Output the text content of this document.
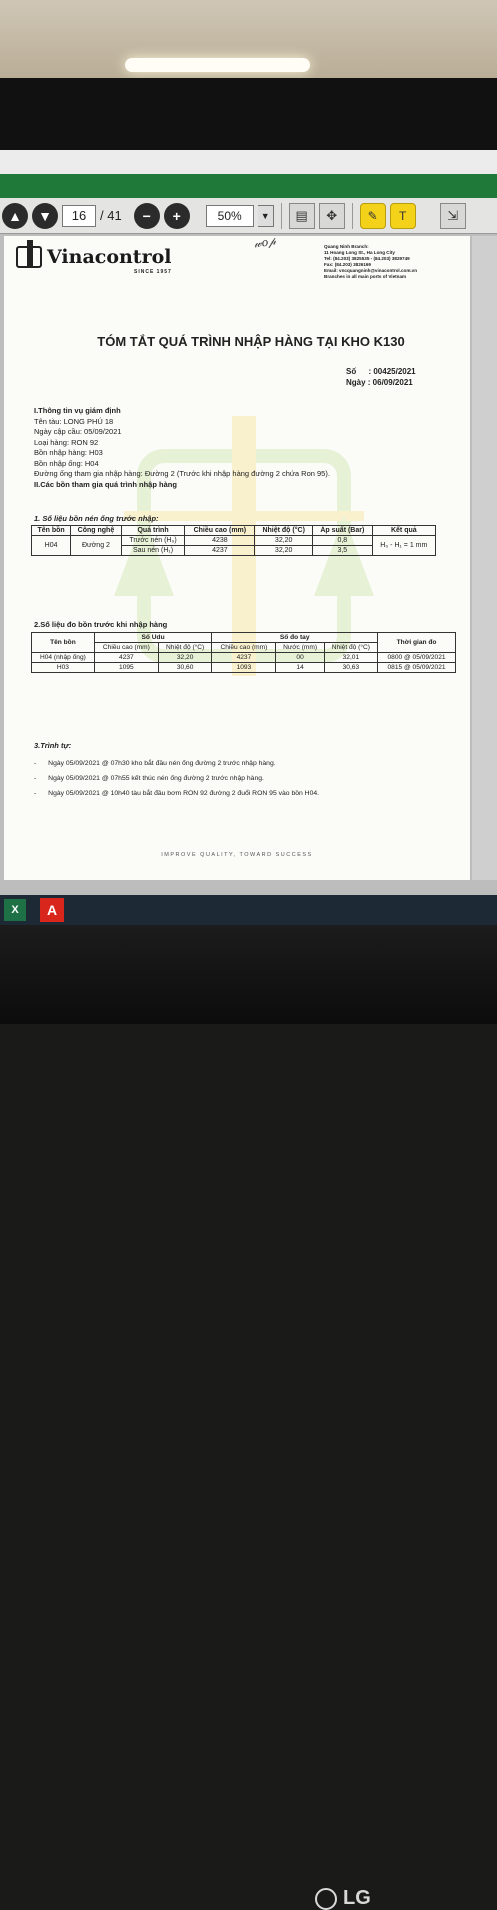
▲	▼	16	/ 41	−	+	50%	▼	▤	✥	✎	T	⇲
Vinacontrol
SINCE 1957
𝓌𝑜𝓅	Quang Ninh Branch:
11 Hoang Long St., Ha Long City
Tel: (84.203) 3825535 - (84.203) 3829749
Fax: (84.203) 3826169
Email: vncquangninh@vinacontrol.com.vn
Branches in all main ports of Vietnam
TÓM TẮT QUÁ TRÌNH NHẬP HÀNG TẠI KHO K130
Số : 00425/2021
Ngày : 06/09/2021
I.Thông tin vụ giám định
Tên tàu: LONG PHÚ 18
Ngày cập cầu: 05/09/2021
Loại hàng: RON 92
Bồn nhập hàng: H03
Bồn nhập ống: H04
Đường ống tham gia nhập hàng: Đường 2 (Trước khi nhập hàng đường 2 chứa Ron 95).
II.Các bồn tham gia quá trình nhập hàng
1. Số liệu bồn nén ống trước nhập:
Tên bồn	Công nghệ	Quá trình	Chiều cao (mm)	Nhiệt độ (°C)	Áp suất (Bar)	Kết quả
H04	Đường 2	Trước nén (H₀)	4238	32,20	0,8	H₀ - H₁ = 1 mm
		Sau nén (H₁)	4237	32,20	3,5	
2.Số liệu đo bồn trước khi nhập hàng
Tên bồn	Số Udu		Số đo tay			Thời gian đo
	Chiều cao (mm)	Nhiệt độ (°C)	Chiều cao (mm)	Nước (mm)	Nhiệt độ (°C)	
H04 (nhập ống)	4237	32,20	4237	00	32,01	0800 @ 05/09/2021
H03	1095	30,60	1093	14	30,63	0815 @ 05/09/2021
3.Trình tự:
- Ngày 05/09/2021 @ 07h30 kho bắt đầu nén ống đường 2 trước nhập hàng.
- Ngày 05/09/2021 @ 07h55 kết thúc nén ống đường 2 trước nhập hàng.
- Ngày 05/09/2021 @ 10h40 tàu bắt đầu bơm RON 92 đường 2 đuổi RON 95 vào bồn H04.
IMPROVE QUALITY, TOWARD SUCCESS
X	A
LG
